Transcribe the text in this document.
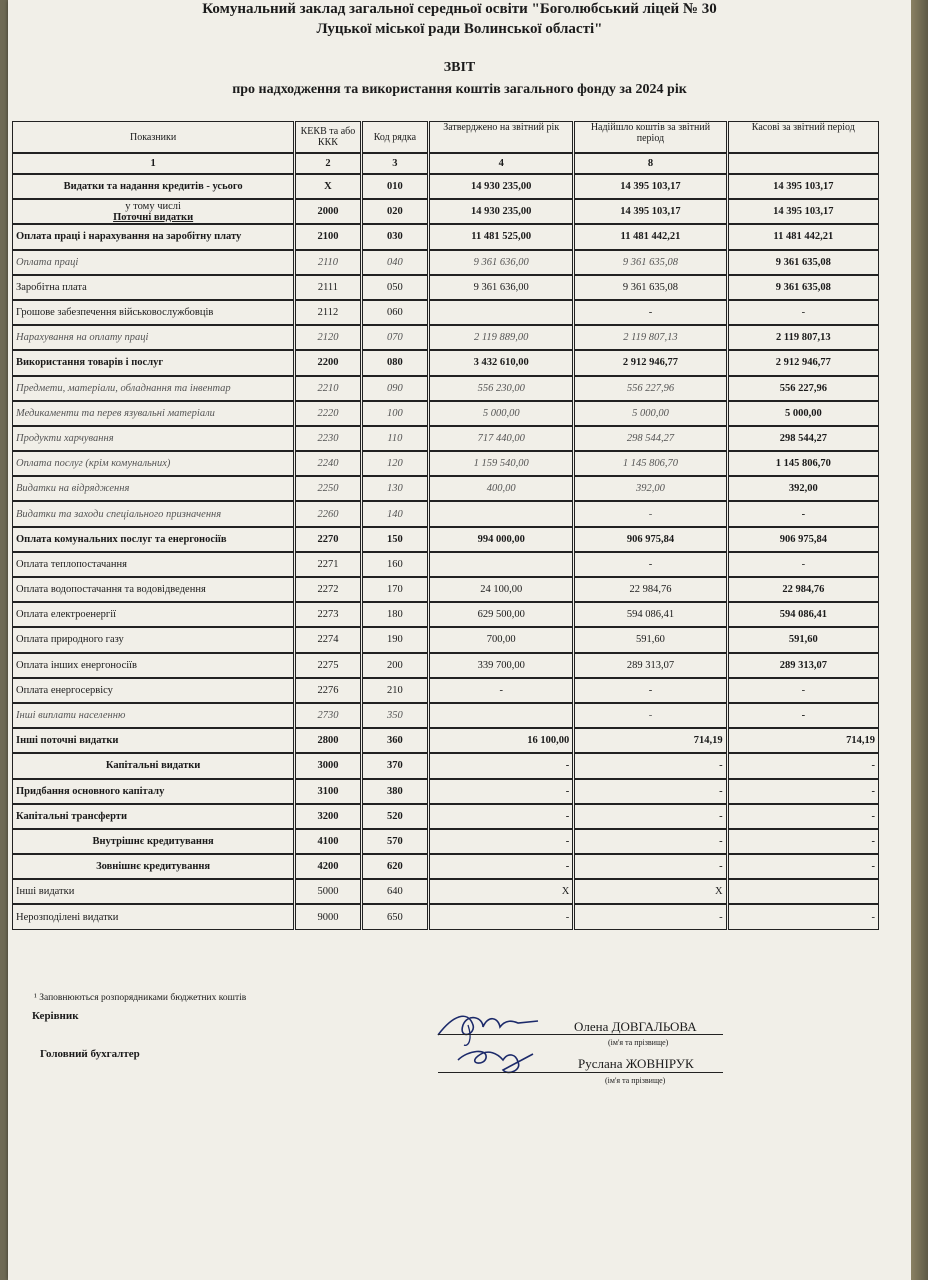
Комунальний заклад загальної середньої освіти "Боголюбський ліцей № 30
Луцької міської ради Волинської області"
ЗВІТ
про надходження та використання коштів загального фонду за 2024 рік
Показники	КЕКВ та або ККК	Код рядка	Затверджено на звітний рік	Надійшло коштів за звітний період	Касові за звітний період
1	2	3	4	8	
Видатки та надання кредитів - усього	X	010	14 930 235,00	14 395 103,17	14 395 103,17

у тому числі
Поточні видатки	2000	020	14 930 235,00	14 395 103,17	14 395 103,17
Оплата праці і нарахування на заробітну плату	2100	030	11 481 525,00	11 481 442,21	11 481 442,21
Оплата праці	2110	040	9 361 636,00	9 361 635,08	9 361 635,08
Заробітна плата	2111	050	9 361 636,00	9 361 635,08	9 361 635,08
Грошове забезпечення військовослужбовців	2112	060		-	-
Нарахування на оплату праці	2120	070	2 119 889,00	2 119 807,13	2 119 807,13
Використання товарів і послуг	2200	080	3 432 610,00	2 912 946,77	2 912 946,77
Предмети, матеріали, обладнання та інвентар	2210	090	556 230,00	556 227,96	556 227,96
Медикаменти та перев язувальні матеріали	2220	100	5 000,00	5 000,00	5 000,00
Продукти харчування	2230	110	717 440,00	298 544,27	298 544,27
Оплата послуг (крім комунальних)	2240	120	1 159 540,00	1 145 806,70	1 145 806,70
Видатки на відрядження	2250	130	400,00	392,00	392,00
Видатки та заходи спеціального призначення	2260	140		-	-
Оплата комунальних послуг та енергоносіїв	2270	150	994 000,00	906 975,84	906 975,84
Оплата теплопостачання	2271	160		-	-
Оплата водопостачання та водовідведення	2272	170	24 100,00	22 984,76	22 984,76
Оплата електроенергії	2273	180	629 500,00	594 086,41	594 086,41
Оплата природного газу	2274	190	700,00	591,60	591,60
Оплата інших енергоносіїв	2275	200	339 700,00	289 313,07	289 313,07
Оплата енергосервісу	2276	210	-	-	-
Інші виплати населенню	2730	350		-	-
Інші поточні видатки	2800	360	16 100,00	714,19	714,19
Капітальні видатки	3000	370	-	-	-
Придбання основного капіталу	3100	380	-	-	-
Капітальні трансферти	3200	520	-	-	-
Внутрішнє кредитування	4100	570	-	-	-
Зовнішнє кредитування	4200	620	-	-	-
Інші видатки	5000	640	X	X	
Нерозподілені видатки	9000	650	-	-	-
¹ Заповнюються розпорядниками бюджетних коштів
Керівник
Головний бухгалтер
Олена ДОВГАЛЬОВА
(ім'я та прізвище)
Руслана ЖОВНІРУК
(ім'я та прізвище)
